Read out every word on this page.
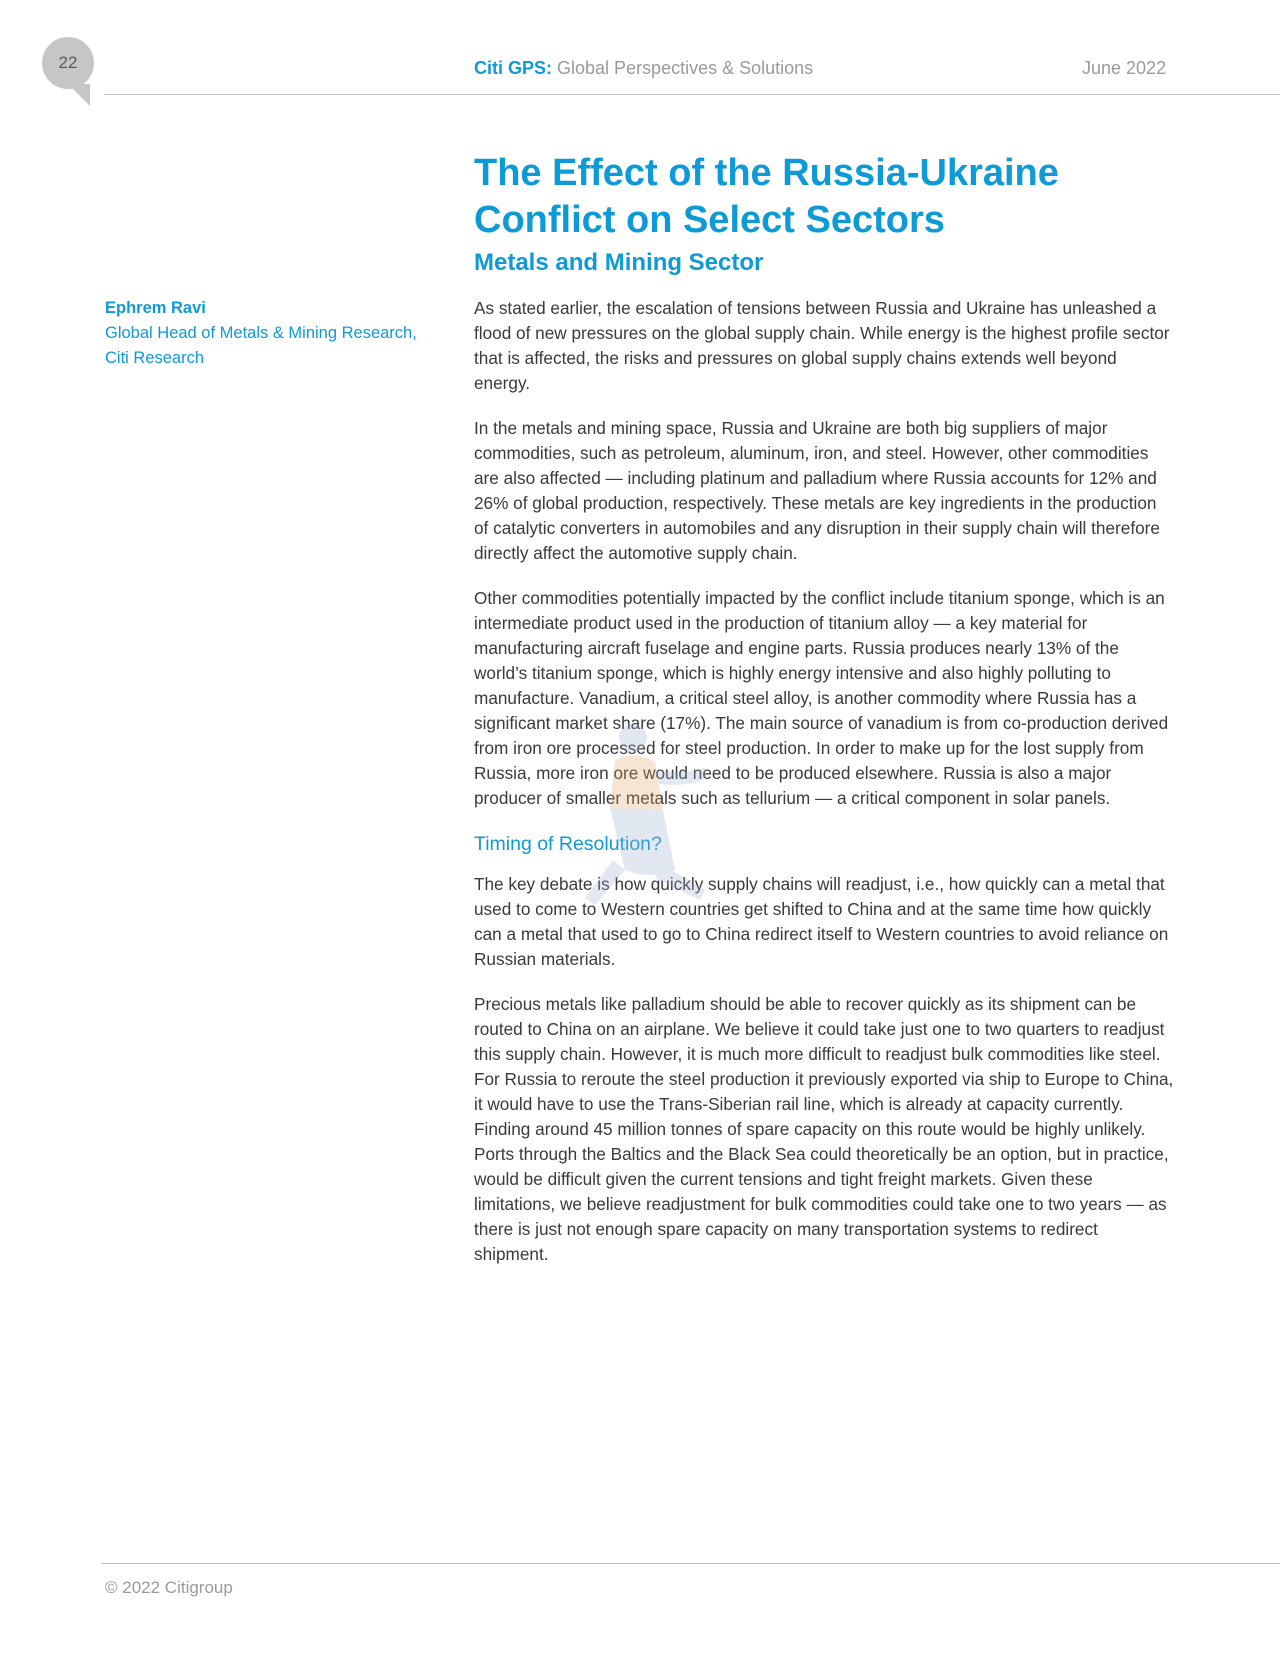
22	Citi GPS: Global Perspectives & Solutions	June 2022
The Effect of the Russia-Ukraine Conflict on Select Sectors
Metals and Mining Sector
Ephrem Ravi
Global Head of Metals & Mining Research,
Citi Research

As stated earlier, the escalation of tensions between Russia and Ukraine has unleashed a flood of new pressures on the global supply chain. While energy is the highest profile sector that is affected, the risks and pressures on global supply chains extends well beyond energy.

In the metals and mining space, Russia and Ukraine are both big suppliers of major commodities, such as petroleum, aluminum, iron, and steel. However, other commodities are also affected — including platinum and palladium where Russia accounts for 12% and 26% of global production, respectively. These metals are key ingredients in the production of catalytic converters in automobiles and any disruption in their supply chain will therefore directly affect the automotive supply chain.

Other commodities potentially impacted by the conflict include titanium sponge, which is an intermediate product used in the production of titanium alloy — a key material for manufacturing aircraft fuselage and engine parts. Russia produces nearly 13% of the world’s titanium sponge, which is highly energy intensive and also highly polluting to manufacture. Vanadium, a critical steel alloy, is another commodity where Russia has a significant market share (17%). The main source of vanadium is from co-production derived from iron ore processed for steel production. In order to make up for the lost supply from Russia, more iron ore would need to be produced elsewhere. Russia is also a major producer of smaller metals such as tellurium — a critical component in solar panels.

Timing of Resolution?

The key debate is how quickly supply chains will readjust, i.e., how quickly can a metal that used to come to Western countries get shifted to China and at the same time how quickly can a metal that used to go to China redirect itself to Western countries to avoid reliance on Russian materials.

Precious metals like palladium should be able to recover quickly as its shipment can be routed to China on an airplane. We believe it could take just one to two quarters to readjust this supply chain. However, it is much more difficult to readjust bulk commodities like steel. For Russia to reroute the steel production it previously exported via ship to Europe to China, it would have to use the Trans-Siberian rail line, which is already at capacity currently. Finding around 45 million tonnes of spare capacity on this route would be highly unlikely. Ports through the Baltics and the Black Sea could theoretically be an option, but in practice, would be difficult given the current tensions and tight freight markets. Given these limitations, we believe readjustment for bulk commodities could take one to two years — as there is just not enough spare capacity on many transportation systems to redirect shipment.

© 2022 Citigroup
